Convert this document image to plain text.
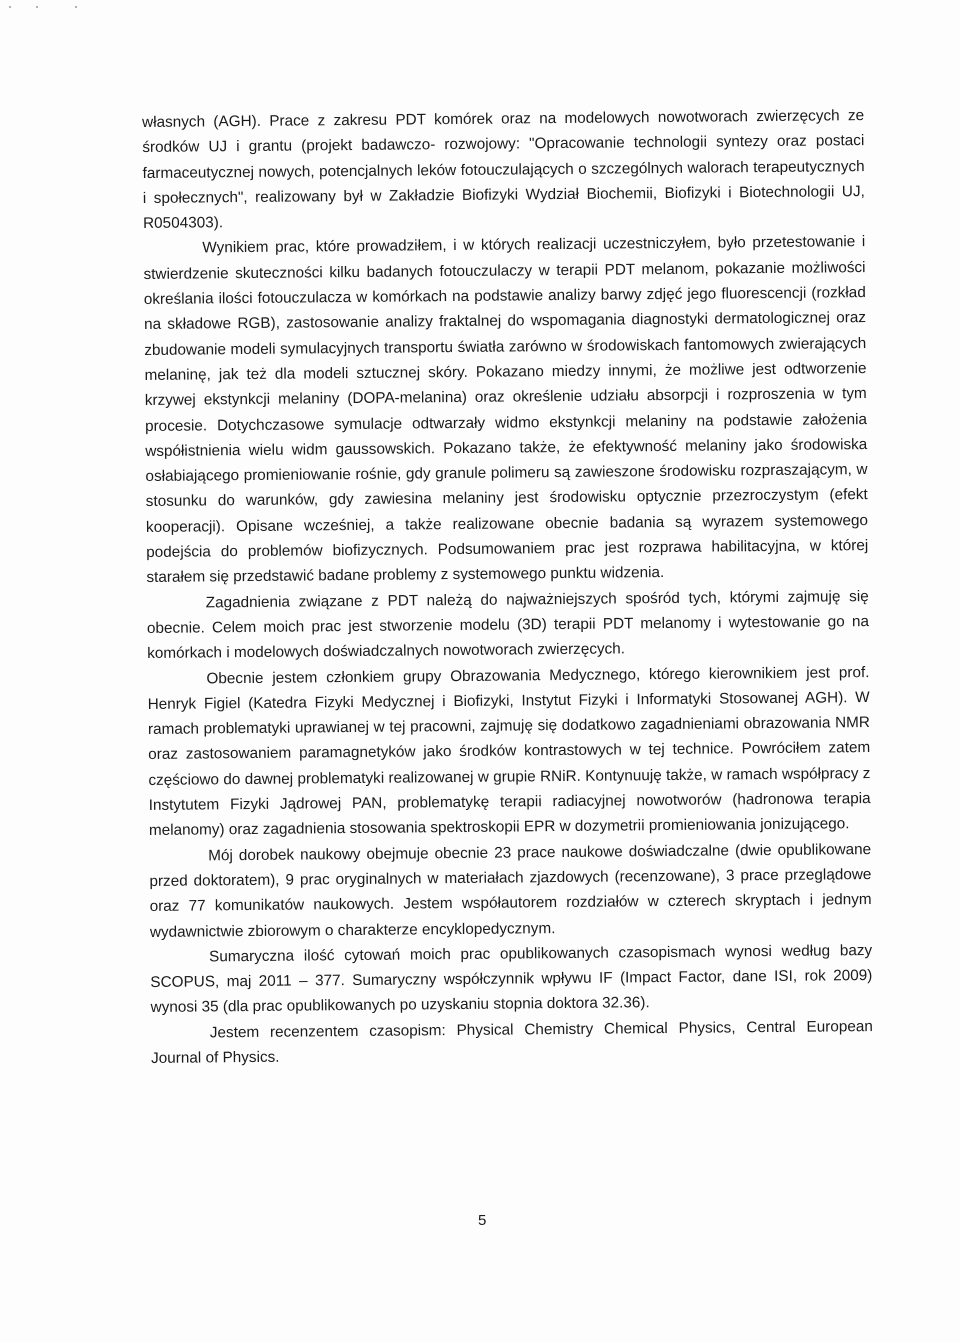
własnych (AGH). Prace z zakresu PDT komórek oraz na modelowych nowotworach zwierzęcych ze środków UJ i grantu (projekt badawczo- rozwojowy: "Opracowanie technologii syntezy oraz postaci farmaceutycznej nowych, potencjalnych leków fotouczulających o szczególnych walorach terapeutycznych i społecznych", realizowany był w Zakładzie Biofizyki Wydział Biochemii, Biofizyki i Biotechnologii UJ, R0504303).

Wynikiem prac, które prowadziłem, i w których realizacji uczestniczyłem, było przetestowanie i stwierdzenie skuteczności kilku badanych fotouczulaczy w terapii PDT melanom, pokazanie możliwości określania ilości fotouczulacza w komórkach na podstawie analizy barwy zdjęć jego fluorescencji (rozkład na składowe RGB), zastosowanie analizy fraktalnej do wspomagania diagnostyki dermatologicznej oraz zbudowanie modeli symulacyjnych transportu światła zarówno w środowiskach fantomowych zwierających melaninę, jak też dla modeli sztucznej skóry. Pokazano miedzy innymi, że możliwe jest odtworzenie krzywej ekstynkcji melaniny (DOPA-melanina) oraz określenie udziału absorpcji i rozproszenia w tym procesie. Dotychczasowe symulacje odtwarzały widmo ekstynkcji melaniny na podstawie założenia współistnienia wielu widm gaussowskich. Pokazano także, że efektywność melaniny jako środowiska osłabiającego promieniowanie rośnie, gdy granule polimeru są zawieszone środowisku rozpraszającym, w stosunku do warunków, gdy zawiesina melaniny jest środowisku optycznie przezroczystym (efekt kooperacji). Opisane wcześniej, a także realizowane obecnie badania są wyrazem systemowego podejścia do problemów biofizycznych. Podsumowaniem prac jest rozprawa habilitacyjna, w której starałem się przedstawić badane problemy z systemowego punktu widzenia.

Zagadnienia związane z PDT należą do najważniejszych spośród tych, którymi zajmuję się obecnie. Celem moich prac jest stworzenie modelu (3D) terapii PDT melanomy i wytestowanie go na komórkach i modelowych doświadczalnych nowotworach zwierzęcych.

Obecnie jestem członkiem grupy Obrazowania Medycznego, którego kierownikiem jest prof. Henryk Figiel (Katedra Fizyki Medycznej i Biofizyki, Instytut Fizyki i Informatyki Stosowanej AGH). W ramach problematyki uprawianej w tej pracowni, zajmuję się dodatkowo zagadnieniami obrazowania NMR oraz zastosowaniem paramagnetyków jako środków kontrastowych w tej technice. Powróciłem zatem częściowo do dawnej problematyki realizowanej w grupie RNiR. Kontynuuję także, w ramach współpracy z Instytutem Fizyki Jądrowej PAN, problematykę terapii radiacyjnej nowotworów (hadronowa terapia melanomy) oraz zagadnienia stosowania spektroskopii EPR w dozymetrii promieniowania jonizującego.

Mój dorobek naukowy obejmuje obecnie 23 prace naukowe doświadczalne (dwie opublikowane przed doktoratem), 9 prac oryginalnych w materiałach zjazdowych (recenzowane), 3 prace przeglądowe oraz 77 komunikatów naukowych. Jestem współautorem rozdziałów w czterech skryptach i jednym wydawnictwie zbiorowym o charakterze encyklopedycznym.

Sumaryczna ilość cytowań moich prac opublikowanych czasopismach wynosi według bazy SCOPUS, maj 2011 – 377. Sumaryczny współczynnik wpływu IF (Impact Factor, dane ISI, rok 2009) wynosi 35 (dla prac opublikowanych po uzyskaniu stopnia doktora 32.36).

Jestem recenzentem czasopism: Physical Chemistry Chemical Physics, Central European Journal of Physics.

5
